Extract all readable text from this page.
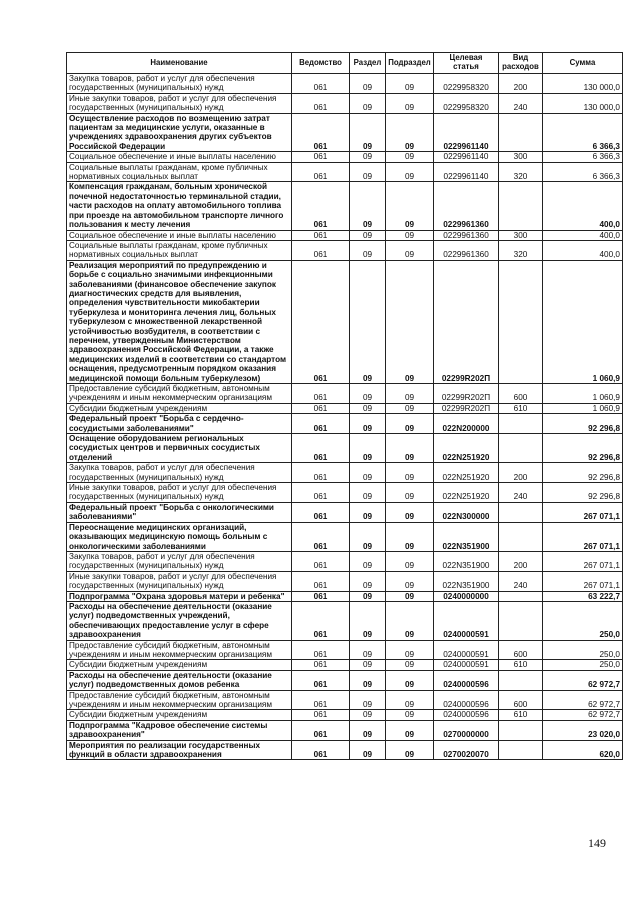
Наименование	Ведомство	Раздел	Подраздел	Целевая статья	Вид расходов	Сумма
Закупка товаров, работ и услуг для обеспечения государственных (муниципальных) нужд	061	09	09	0229958320	200	130 000,0
Иные закупки товаров, работ и услуг для обеспечения государственных (муниципальных) нужд	061	09	09	0229958320	240	130 000,0
Осуществление расходов по возмещению затрат пациентам за медицинские услуги, оказанные в учреждениях здравоохранения других субъектов Российской Федерации	061	09	09	0229961140		6 366,3
Социальное обеспечение и иные выплаты населению	061	09	09	0229961140	300	6 366,3
Социальные выплаты гражданам, кроме публичных нормативных социальных выплат	061	09	09	0229961140	320	6 366,3
Компенсация гражданам, больным хронической почечной недостаточностью терминальной стадии, части расходов на оплату автомобильного топлива при проезде на автомобильном транспорте личного пользования к месту лечения	061	09	09	0229961360		400,0
Социальное обеспечение и иные выплаты населению	061	09	09	0229961360	300	400,0
Социальные выплаты гражданам, кроме публичных нормативных социальных выплат	061	09	09	0229961360	320	400,0
Реализация мероприятий по предупреждению и борьбе с социально значимыми инфекционными заболеваниями (финансовое обеспечение закупок диагностических средств для выявления, определения чувствительности микобактерии туберкулеза и мониторинга лечения лиц, больных туберкулезом с множественной лекарственной устойчивостью возбудителя, в соответствии с перечнем, утвержденным Министерством здравоохранения Российской Федерации, а также медицинских изделий в соответствии со стандартом оснащения, предусмотренным порядком оказания медицинской помощи больным туберкулезом)	061	09	09	02299R202П		1 060,9
Предоставление субсидий бюджетным, автономным учреждениям и иным некоммерческим организациям	061	09	09	02299R202П	600	1 060,9
Субсидии бюджетным учреждениям	061	09	09	02299R202П	610	1 060,9
Федеральный проект "Борьба с сердечно-сосудистыми заболеваниями"	061	09	09	022N200000		92 296,8
Оснащение оборудованием региональных сосудистых центров и первичных сосудистых отделений	061	09	09	022N251920		92 296,8
Закупка товаров, работ и услуг для обеспечения государственных (муниципальных) нужд	061	09	09	022N251920	200	92 296,8
Иные закупки товаров, работ и услуг для обеспечения государственных (муниципальных) нужд	061	09	09	022N251920	240	92 296,8
Федеральный проект "Борьба с онкологическими заболеваниями"	061	09	09	022N300000		267 071,1
Переоснащение медицинских организаций, оказывающих медицинскую помощь больным с онкологическими заболеваниями	061	09	09	022N351900		267 071,1
Закупка товаров, работ и услуг для обеспечения государственных (муниципальных) нужд	061	09	09	022N351900	200	267 071,1
Иные закупки товаров, работ и услуг для обеспечения государственных (муниципальных) нужд	061	09	09	022N351900	240	267 071,1
Подпрограмма "Охрана здоровья матери и ребенка"	061	09	09	0240000000		63 222,7
Расходы на обеспечение деятельности (оказание услуг) подведомственных учреждений, обеспечивающих предоставление услуг в сфере здравоохранения	061	09	09	0240000591		250,0
Предоставление субсидий бюджетным, автономным учреждениям и иным некоммерческим организациям	061	09	09	0240000591	600	250,0
Субсидии бюджетным учреждениям	061	09	09	0240000591	610	250,0
Расходы на обеспечение деятельности (оказание услуг) подведомственных домов ребенка	061	09	09	0240000596		62 972,7
Предоставление субсидий бюджетным, автономным учреждениям и иным некоммерческим организациям	061	09	09	0240000596	600	62 972,7
Субсидии бюджетным учреждениям	061	09	09	0240000596	610	62 972,7
Подпрограмма "Кадровое обеспечение системы здравоохранения"	061	09	09	0270000000		23 020,0
Мероприятия по реализации государственных функций в области здравоохранения	061	09	09	0270020070		620,0
149
